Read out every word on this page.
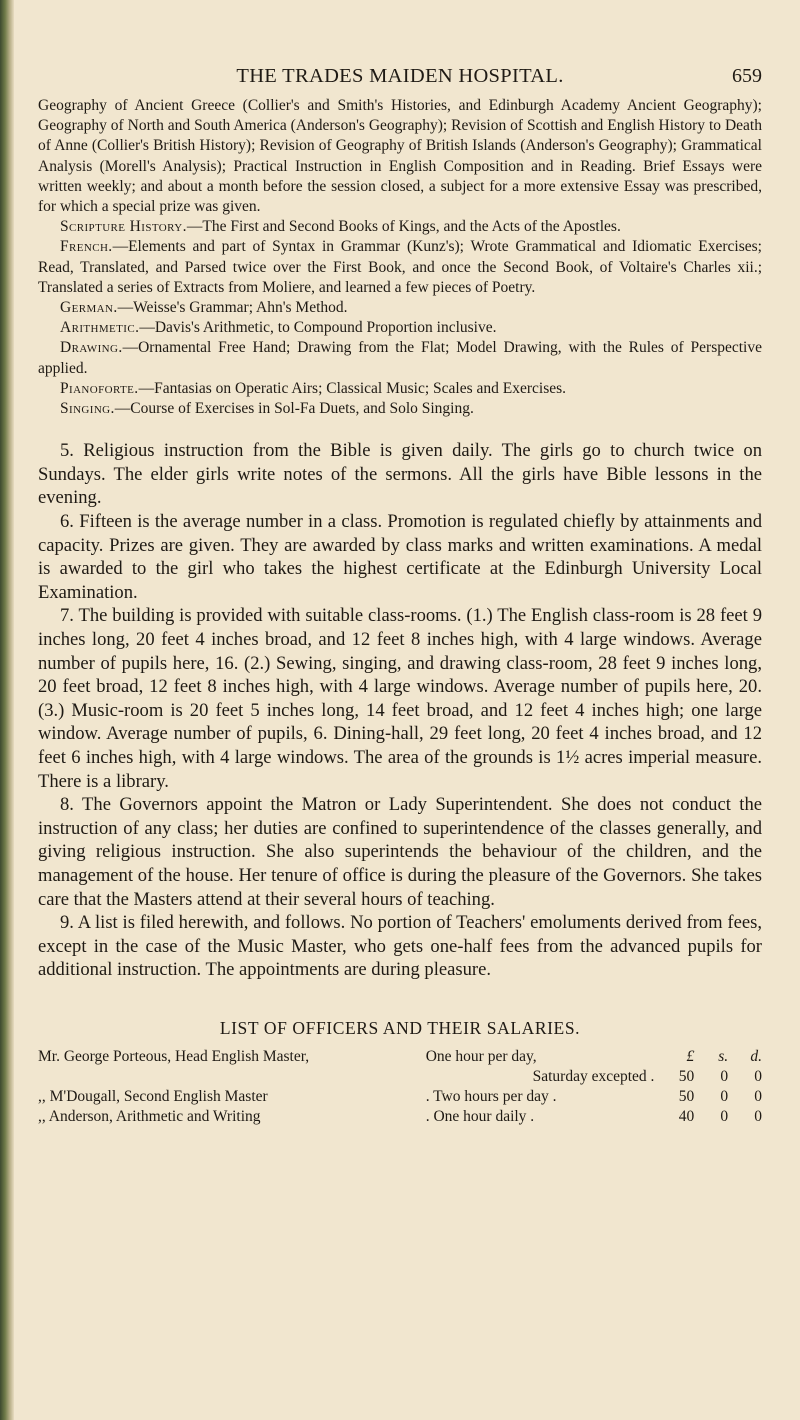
THE TRADES MAIDEN HOSPITAL.	659

Geography of Ancient Greece (Collier's and Smith's Histories, and Edinburgh Academy Ancient Geography); Geography of North and South America (Anderson's Geography); Revision of Scottish and English History to Death of Anne (Collier's British History); Revision of Geography of British Islands (Anderson's Geography); Grammatical Analysis (Morell's Analysis); Practical Instruction in English Composition and in Reading. Brief Essays were written weekly; and about a month before the session closed, a subject for a more extensive Essay was prescribed, for which a special prize was given.

Scripture History.—The First and Second Books of Kings, and the Acts of the Apostles.

French.—Elements and part of Syntax in Grammar (Kunz's); Wrote Grammatical and Idiomatic Exercises; Read, Translated, and Parsed twice over the First Book, and once the Second Book, of Voltaire's Charles xii.; Translated a series of Extracts from Moliere, and learned a few pieces of Poetry.

German.—Weisse's Grammar; Ahn's Method.

Arithmetic.—Davis's Arithmetic, to Compound Proportion inclusive.

Drawing.—Ornamental Free Hand; Drawing from the Flat; Model Drawing, with the Rules of Perspective applied.

Pianoforte.—Fantasias on Operatic Airs; Classical Music; Scales and Exercises.

Singing.—Course of Exercises in Sol-Fa Duets, and Solo Singing.

5. Religious instruction from the Bible is given daily. The girls go to church twice on Sundays. The elder girls write notes of the sermons. All the girls have Bible lessons in the evening.

6. Fifteen is the average number in a class. Promotion is regulated chiefly by attainments and capacity. Prizes are given. They are awarded by class marks and written examinations. A medal is awarded to the girl who takes the highest certificate at the Edinburgh University Local Examination.

7. The building is provided with suitable class-rooms. (1.) The English class-room is 28 feet 9 inches long, 20 feet 4 inches broad, and 12 feet 8 inches high, with 4 large windows. Average number of pupils here, 16. (2.) Sewing, singing, and drawing class-room, 28 feet 9 inches long, 20 feet broad, 12 feet 8 inches high, with 4 large windows. Average number of pupils here, 20. (3.) Music-room is 20 feet 5 inches long, 14 feet broad, and 12 feet 4 inches high; one large window. Average number of pupils, 6. Dining-hall, 29 feet long, 20 feet 4 inches broad, and 12 feet 6 inches high, with 4 large windows. The area of the grounds is 1½ acres imperial measure. There is a library.

8. The Governors appoint the Matron or Lady Superintendent. She does not conduct the instruction of any class; her duties are confined to superintendence of the classes generally, and giving religious instruction. She also superintends the behaviour of the children, and the management of the house. Her tenure of office is during the pleasure of the Governors. She takes care that the Masters attend at their several hours of teaching.

9. A list is filed herewith, and follows. No portion of Teachers' emoluments derived from fees, except in the case of the Music Master, who gets one-half fees from the advanced pupils for additional instruction. The appointments are during pleasure.

LIST OF OFFICERS AND THEIR SALARIES.
Mr. George Porteous, Head English Master,	One hour per day,	£	s.	d.
	Saturday excepted .	50	0	0
,, M'Dougall, Second English Master	. Two hours per day .	50	0	0
,, Anderson, Arithmetic and Writing	. One hour daily .	40	0	0
